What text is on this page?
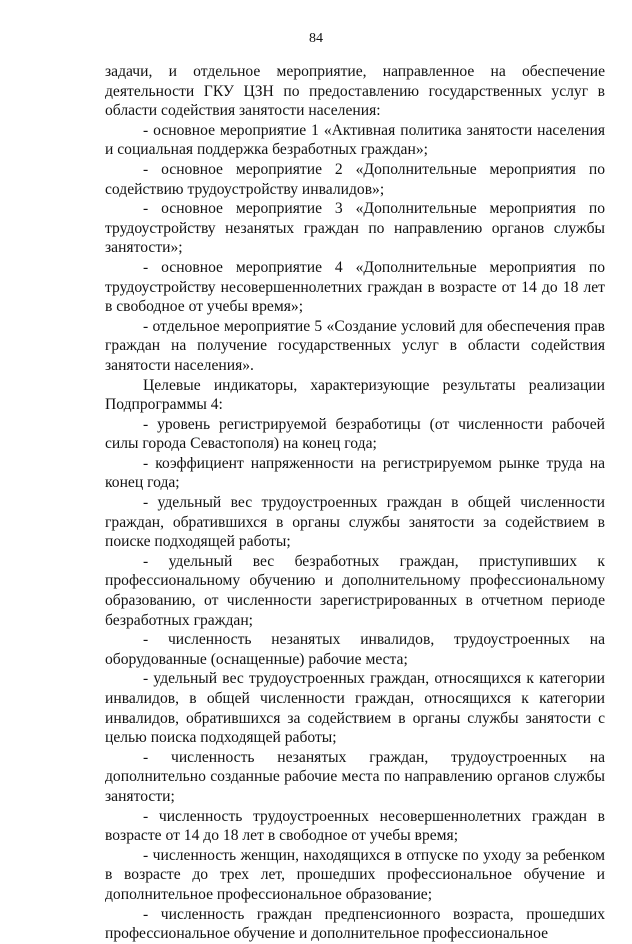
84

задачи, и отдельное мероприятие, направленное на обеспечение деятельности ГКУ ЦЗН по предоставлению государственных услуг в области содействия занятости населения:

- основное мероприятие 1 «Активная политика занятости населения и социальная поддержка безработных граждан»;

- основное мероприятие 2 «Дополнительные мероприятия по содействию трудоустройству инвалидов»;

- основное мероприятие 3 «Дополнительные мероприятия по трудоустройству незанятых граждан по направлению органов службы занятости»;

- основное мероприятие 4 «Дополнительные мероприятия по трудоустройству несовершеннолетних граждан в возрасте от 14 до 18 лет в свободное от учебы время»;

- отдельное мероприятие 5 «Создание условий для обеспечения прав граждан на получение государственных услуг в области содействия занятости населения».

Целевые индикаторы, характеризующие результаты реализации Подпрограммы 4:

- уровень регистрируемой безработицы (от численности рабочей силы города Севастополя) на конец года;

- коэффициент напряженности на регистрируемом рынке труда на конец года;

- удельный вес трудоустроенных граждан в общей численности граждан, обратившихся в органы службы занятости за содействием в поиске подходящей работы;

- удельный вес безработных граждан, приступивших к профессиональному обучению и дополнительному профессиональному образованию, от численности зарегистрированных в отчетном периоде безработных граждан;

- численность незанятых инвалидов, трудоустроенных на оборудованные (оснащенные) рабочие места;

- удельный вес трудоустроенных граждан, относящихся к категории инвалидов, в общей численности граждан, относящихся к категории инвалидов, обратившихся за содействием в органы службы занятости с целью поиска подходящей работы;

- численность незанятых граждан, трудоустроенных на дополнительно созданные рабочие места по направлению органов службы занятости;

- численность трудоустроенных несовершеннолетних граждан в возрасте от 14 до 18 лет в свободное от учебы время;

- численность женщин, находящихся в отпуске по уходу за ребенком в возрасте до трех лет, прошедших профессиональное обучение и дополнительное профессиональное образование;

- численность граждан предпенсионного возраста, прошедших профессиональное обучение и дополнительное профессиональное
